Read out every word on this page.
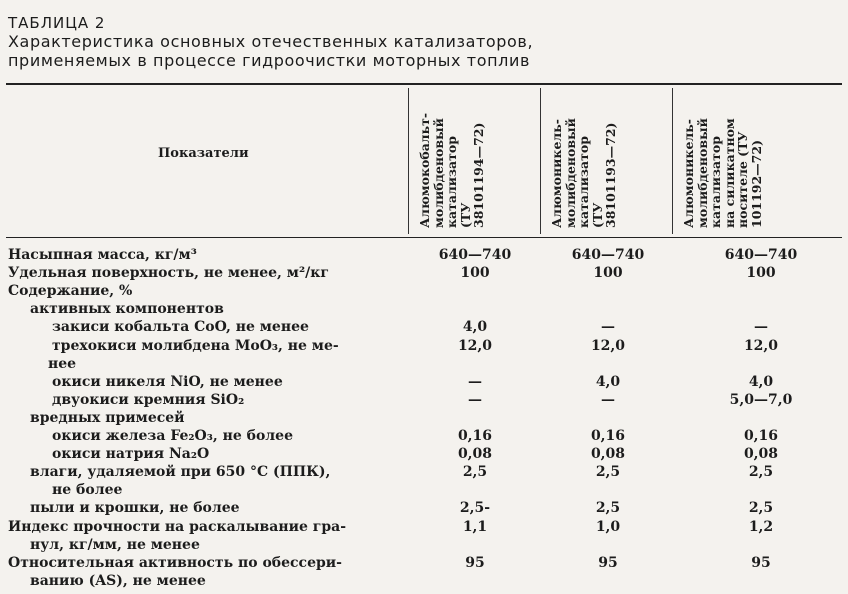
ТАБЛИЦА 2
Характеристика основных отечественных катализаторов,
применяемых в процессе гидроочистки моторных топлив
Показатели	Алюмокобальт-
молибденовый
катализатор
(ТУ
38101194—72)	Алюмоникель-
молибденовый
катализатор
(ТУ
38101193—72)	Алюмоникель-
молибденовый
катализатор
на силикатном
носителе (ТУ
101192—72)
Насыпная масса, кг/м³	640—740	640—740	640—740
Удельная поверхность, не менее, м²/кг	100	100	100
Содержание, %
активных компонентов
закиси кобальта CoO, не менее	4,0	—	—
трехокиси молибдена MoO₃, не ме-	12,0	12,0	12,0
нее
окиси никеля NiO, не менее	—	4,0	4,0
двуокиси кремния SiO₂	—	—	5,0—7,0
вредных примесей
окиси железа Fe₂O₃, не более	0,16	0,16	0,16
окиси натрия Na₂O	0,08	0,08	0,08
влаги, удаляемой при 650 °C (ППК),	2,5	2,5	2,5
не более
пыли и крошки, не более	2,5-	2,5	2,5
Индекс прочности на раскалывание гра-	1,1	1,0	1,2
нул, кг/мм, не менее
Относительная активность по обессери-	95	95	95
ванию (AS), не менее
